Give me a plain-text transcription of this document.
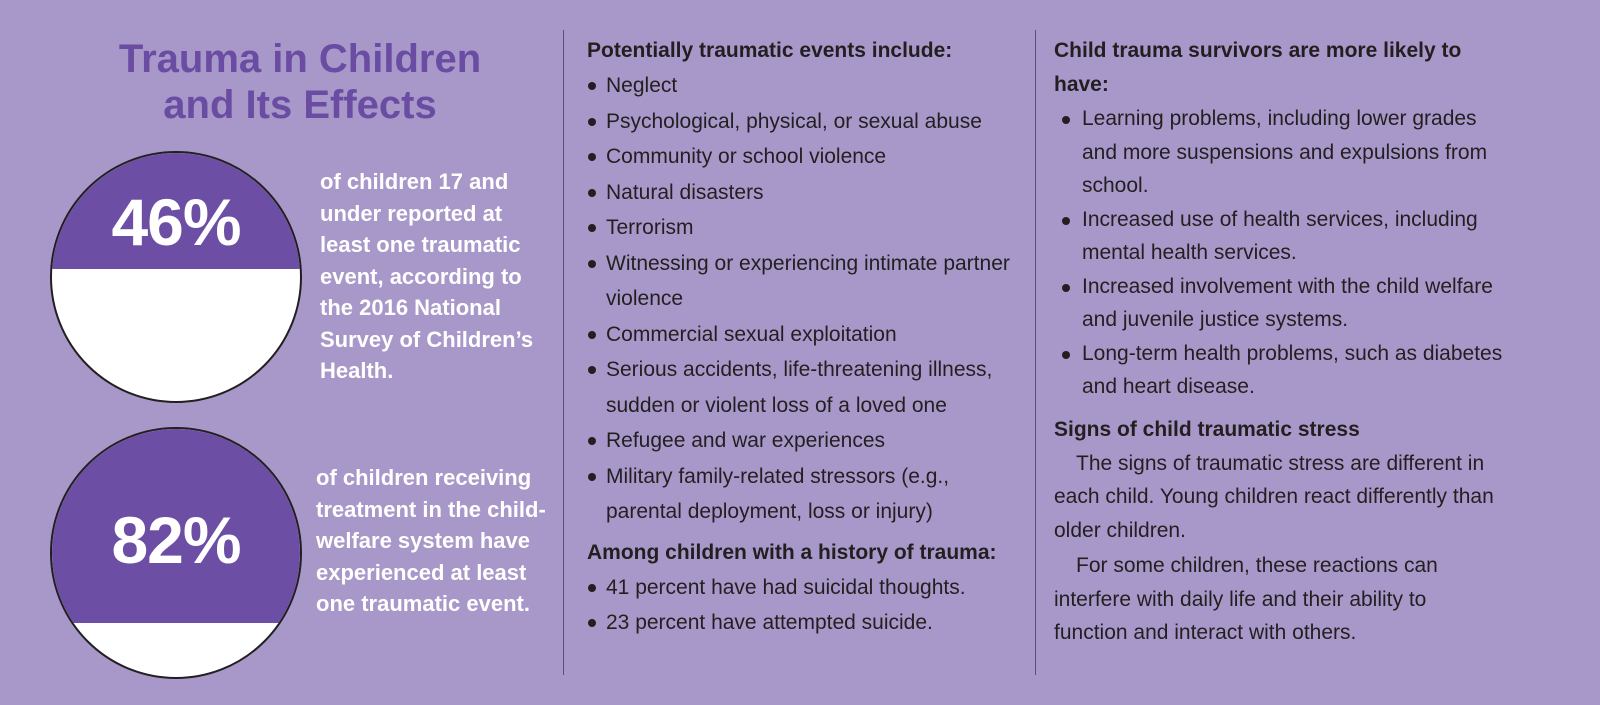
Trauma in Children
and Its Effects
46%

of children 17 and under reported at least one traumatic event, according to the 2016 National Survey of Children’s Health.

82%

of children receiving treatment in the child-welfare system have experienced at least one traumatic event.

Potentially traumatic events include:
Neglect
Psychological, physical, or sexual abuse
Community or school violence
Natural disasters
Terrorism
Witnessing or experiencing intimate partner violence
Commercial sexual exploitation
Serious accidents, life-threatening illness, sudden or violent loss of a loved one
Refugee and war experiences
Military family-related stressors (e.g., parental deployment, loss or injury)
Among children with a history of trauma:
41 percent have had suicidal thoughts.
23 percent have attempted suicide.
Child trauma survivors are more likely to have:
Learning problems, including lower grades and more suspensions and expulsions from school.
Increased use of health services, including mental health services.
Increased involvement with the child welfare and juvenile justice systems.
Long-term health problems, such as diabetes and heart disease.
Signs of child traumatic stress

The signs of traumatic stress are different in each child. Young children react differently than older children.

For some children, these reactions can interfere with daily life and their ability to function and interact with others.
